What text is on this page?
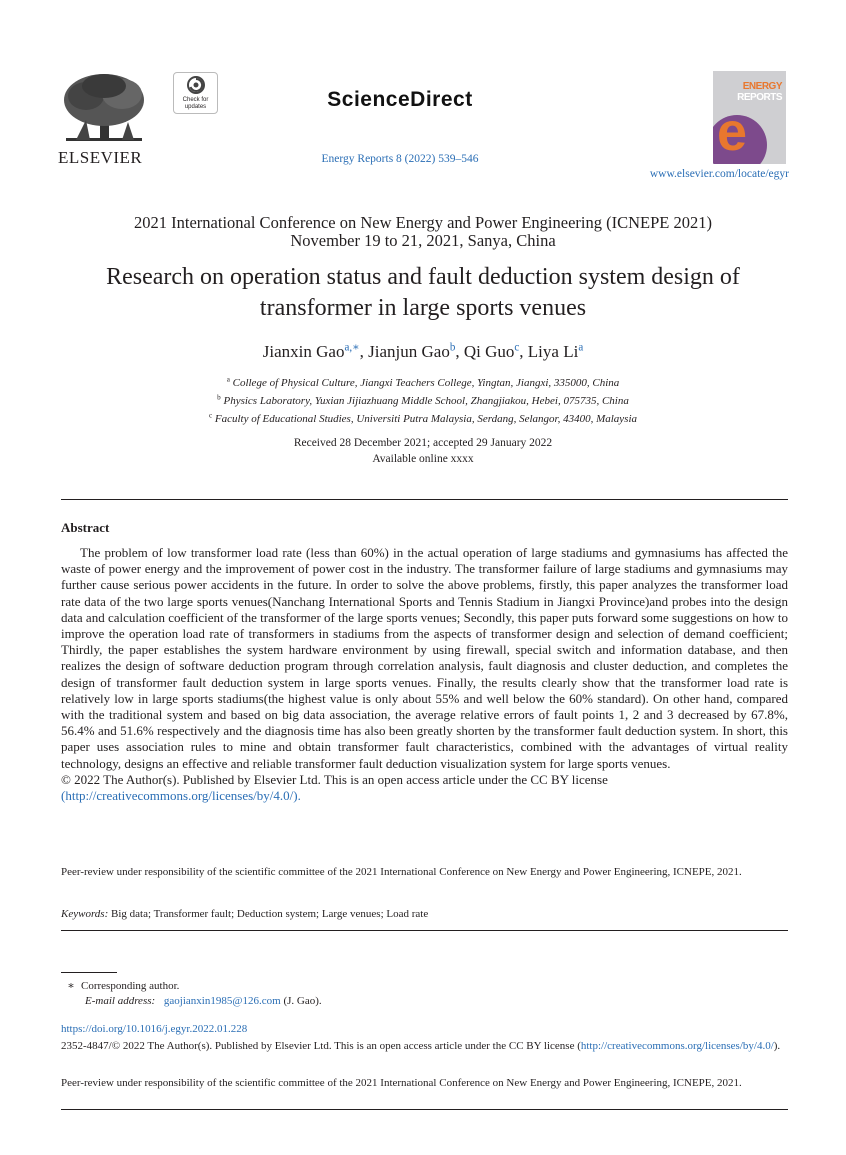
ELSEVIER
Check for
updates	ScienceDirect
Energy Reports 8 (2022) 539–546
ENERGY
REPORTS
e
www.elsevier.com/locate/egyr
2021 International Conference on New Energy and Power Engineering (ICNEPE 2021)
November 19 to 21, 2021, Sanya, China
Research on operation status and fault deduction system design of
transformer in large sports venues
Jianxin Gao$^{a,∗}$, Jianjun Gao$^b$, Qi Guo$^c$, Liya Li$^a$
$^a$ College of Physical Culture, Jiangxi Teachers College, Yingtan, Jiangxi, 335000, China
$^b$ Physics Laboratory, Yuxian Jijiazhuang Middle School, Zhangjiakou, Hebei, 075735, China
$^c$ Faculty of Educational Studies, Universiti Putra Malaysia, Serdang, Selangor, 43400, Malaysia
Received 28 December 2021; accepted 29 January 2022
Available online xxxx
Abstract

The problem of low transformer load rate (less than 60%) in the actual operation of large stadiums and gymnasiums has affected the waste of power energy and the improvement of power cost in the industry. The transformer failure of large stadiums and gymnasiums may further cause serious power accidents in the future. In order to solve the above problems, firstly, this paper analyzes the transformer load rate data of the two large sports venues(Nanchang International Sports and Tennis Stadium in Jiangxi Province)and probes into the design data and calculation coefficient of the transformer of the large sports venues; Secondly, this paper puts forward some suggestions on how to improve the operation load rate of transformers in stadiums from the aspects of transformer design and selection of demand coefficient; Thirdly, the paper establishes the system hardware environment by using firewall, special switch and information database, and then realizes the design of software deduction program through correlation analysis, fault diagnosis and cluster deduction, and completes the design of transformer fault deduction system in large sports venues. Finally, the results clearly show that the transformer load rate is relatively low in large sports stadiums(the highest value is only about 55% and well below the 60% standard). On other hand, compared with the traditional system and based on big data association, the average relative errors of fault points 1, 2 and 3 decreased by 67.8%, 56.4% and 51.6% respectively and the diagnosis time has also been greatly shorten by the transformer fault deduction system. In short, this paper uses association rules to mine and obtain transformer fault characteristics, combined with the advantages of virtual reality technology, designs an effective and reliable transformer fault deduction visualization system for large sports venues.

© 2022 The Author(s). Published by Elsevier Ltd. This is an open access article under the CC BY license
(http://creativecommons.org/licenses/by/4.0/).

Peer-review under responsibility of the scientific committee of the 2021 International Conference on New Energy and Power Engineering, ICNEPE, 2021.
Keywords: Big data; Transformer fault; Deduction system; Large venues; Load rate
∗ Corresponding author.
E-mail address: gaojianxin1985@126.com (J. Gao).
https://doi.org/10.1016/j.egyr.2022.01.228
2352-4847/© 2022 The Author(s). Published by Elsevier Ltd. This is an open access article under the CC BY license (http://creativecommons.org/licenses/by/4.0/).
Peer-review under responsibility of the scientific committee of the 2021 International Conference on New Energy and Power Engineering, ICNEPE, 2021.
